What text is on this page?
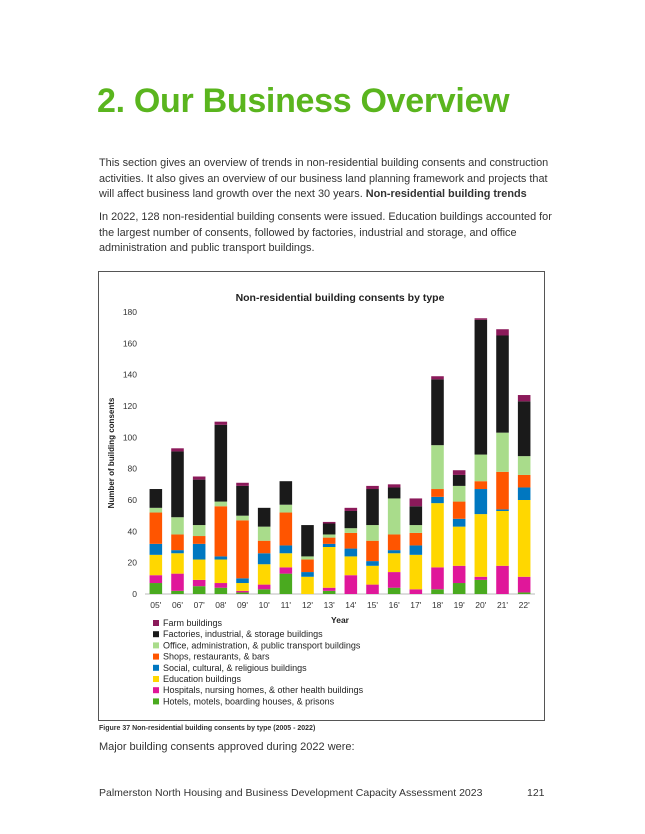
2. Our Business Overview

This section gives an overview of trends in non-residential building consents and construction activities. It also gives an overview of our business land planning framework and projects that will affect business land growth over the next 30 years. Non-residential building trends

In 2022, 128 non-residential building consents were issued. Education buildings accounted for the largest number of consents, followed by factories, industrial and storage, and office administration and public transport buildings.

Non-residential building consents by type
0
20
40
60
80
100
120
140
160
180
Number of building consents
05' 06' 07' 08' 09' 10' 11' 12' 13' 14' 15' 16' 17' 18' 19' 20' 21' 22'
Year
Farm buildings
Factories, industrial, & storage buildings
Office, administration, & public transport buildings
Shops, restaurants, & bars
Social, cultural, & religious buildings
Education buildings
Hospitals, nursing homes, & other health buildings
Hotels, motels, boarding houses, & prisons

Figure 37 Non-residential building consents by type (2005 - 2022)

Major building consents approved during 2022 were:

Palmerston North Housing and Business Development Capacity Assessment 2023	121
